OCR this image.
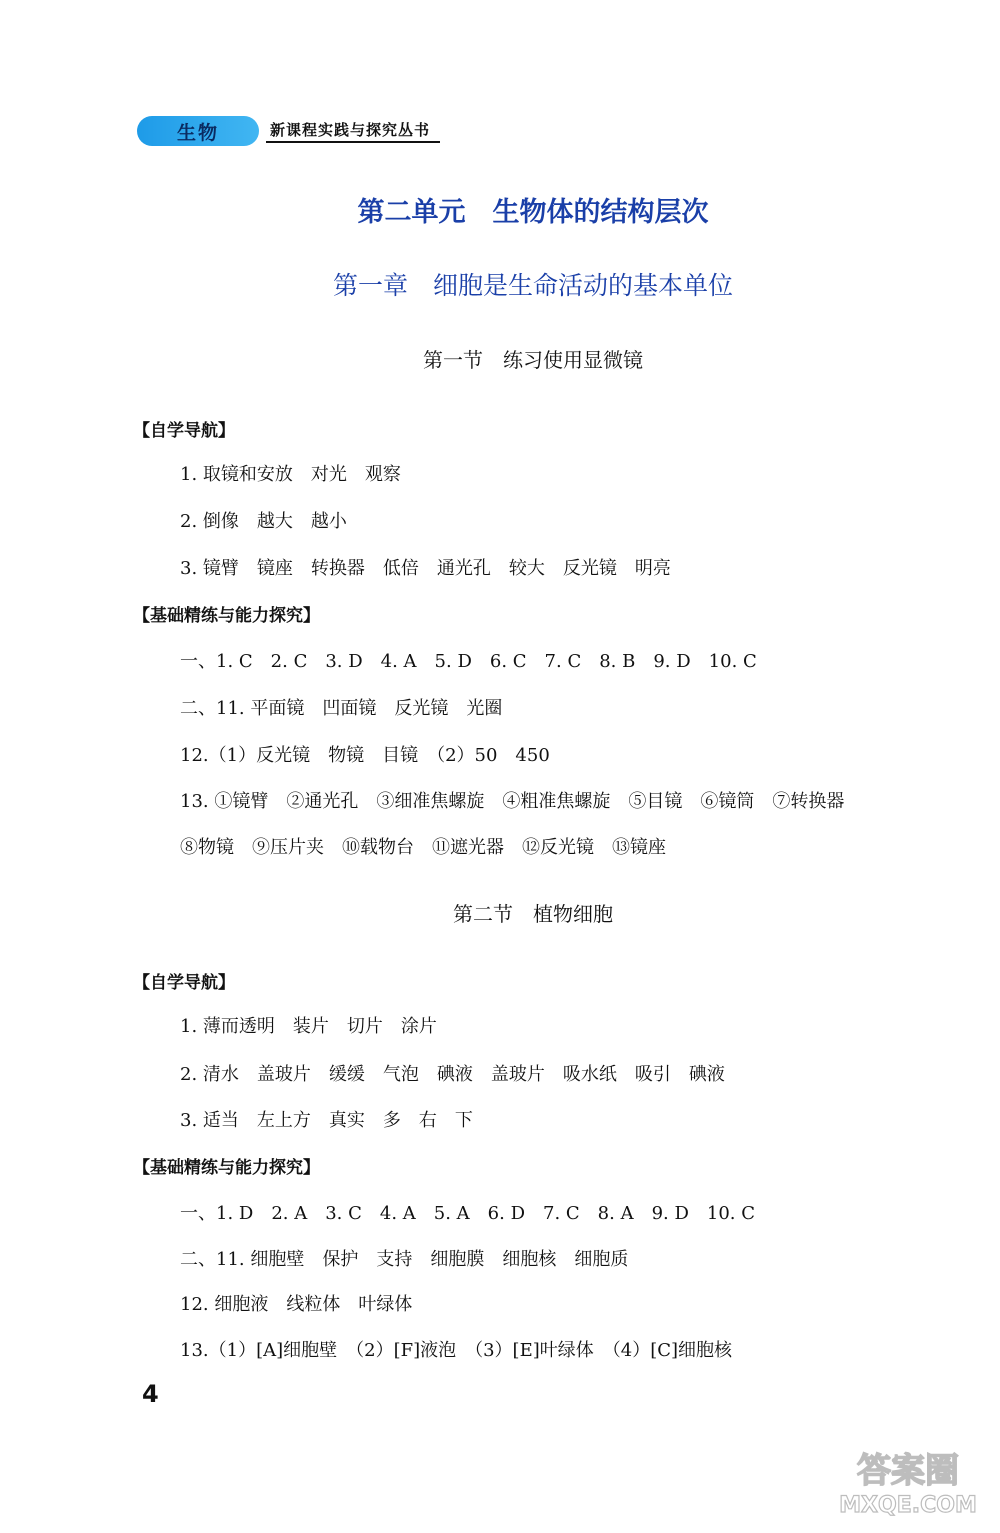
生物	新课程实践与探究丛书
第二单元　生物体的结构层次
第一章　细胞是生命活动的基本单位
第一节　练习使用显微镜
【自学导航】
1. 取镜和安放　对光　观察
2. 倒像　越大　越小
3. 镜臂　镜座　转换器　低倍　通光孔　较大　反光镜　明亮
【基础精练与能力探究】
一、1. C　2. C　3. D　4. A　5. D　6. C　7. C　8. B　9. D　10. C
二、11. 平面镜　凹面镜　反光镜　光圈
12.（1）反光镜　物镜　目镜　（2）50　450
13. ①镜臂　②通光孔　③细准焦螺旋　④粗准焦螺旋　⑤目镜　⑥镜筒　⑦转换器
⑧物镜　⑨压片夹　⑩载物台　⑪遮光器　⑫反光镜　⑬镜座
第二节　植物细胞
【自学导航】
1. 薄而透明　装片　切片　涂片
2. 清水　盖玻片　缓缓　气泡　碘液　盖玻片　吸水纸　吸引　碘液
3. 适当　左上方　真实　多　右　下
【基础精练与能力探究】
一、1. D　2. A　3. C　4. A　5. A　6. D　7. C　8. A　9. D　10. C
二、11. 细胞壁　保护　支持　细胞膜　细胞核　细胞质
12. 细胞液　线粒体　叶绿体
13.（1）[A]细胞壁　（2）[F]液泡　（3）[E]叶绿体　（4）[C]细胞核
4
答案圈
MXQE.COM
